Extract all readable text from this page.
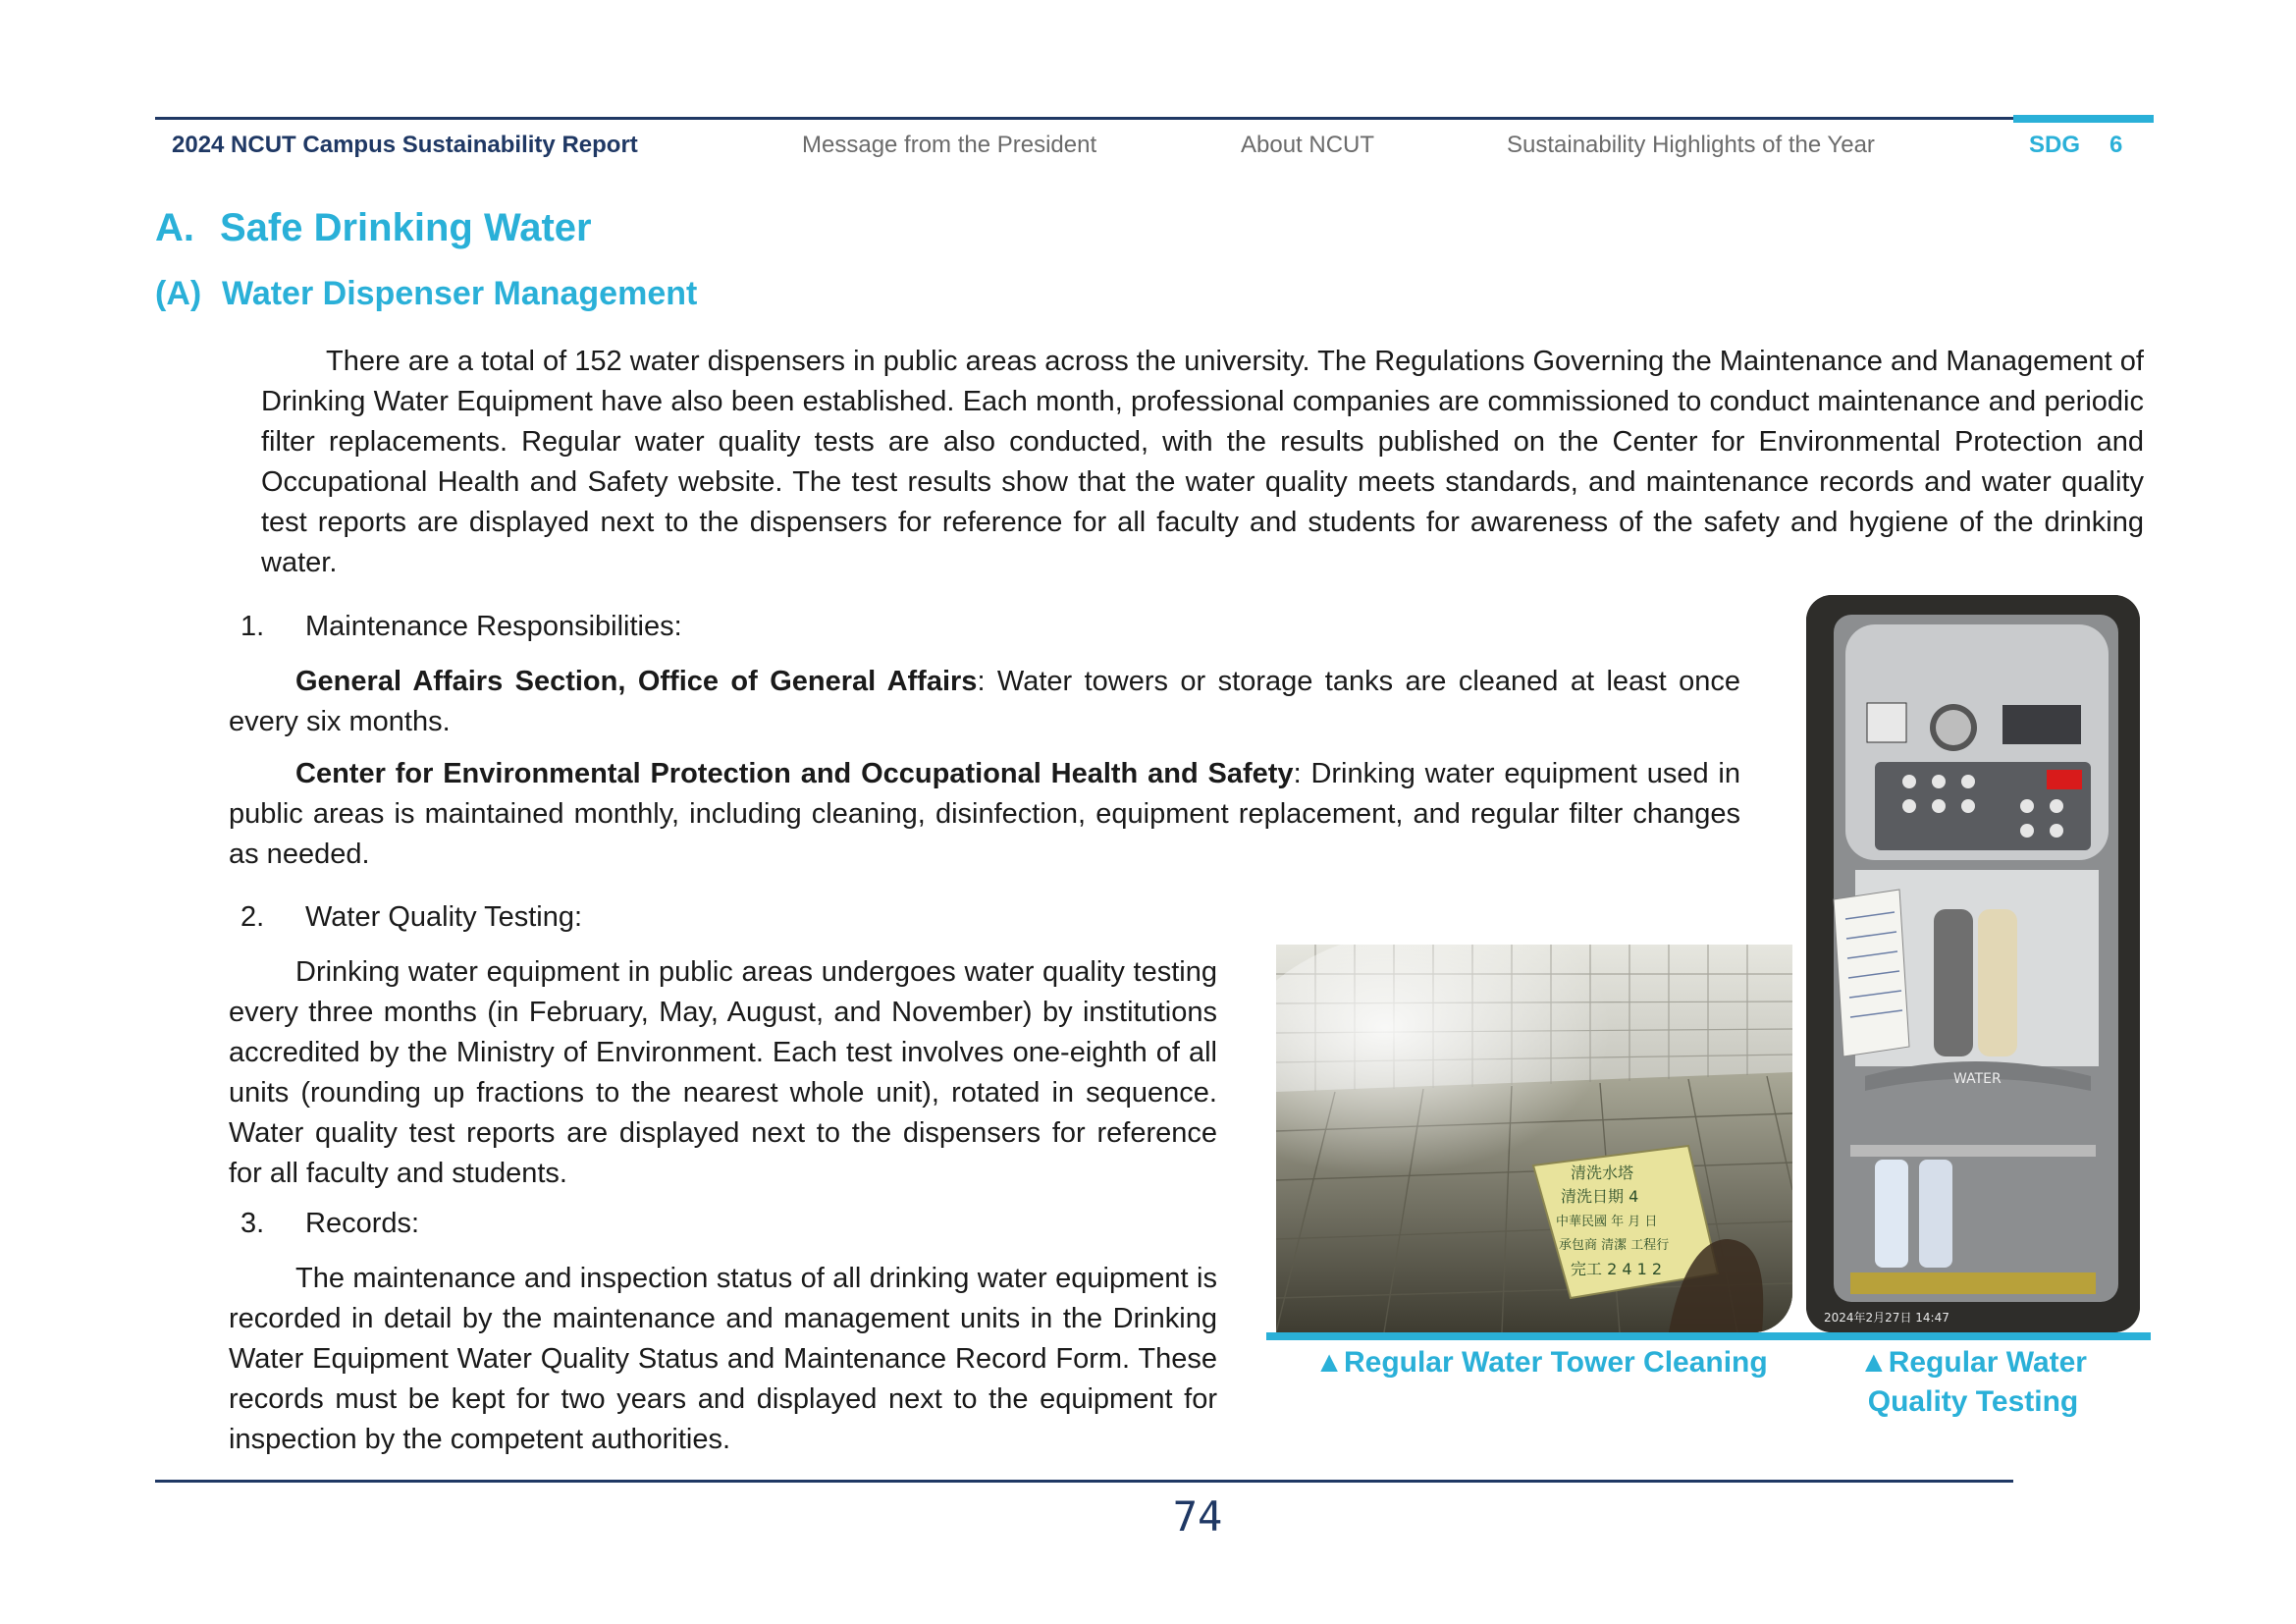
2024 NCUT Campus Sustainability Report	Message from the President	About NCUT	Sustainability Highlights of the Year	SDG 6
A. Safe Drinking Water
(A) Water Dispenser Management
There are a total of 152 water dispensers in public areas across the university. The Regulations Governing the Maintenance and Management of Drinking Water Equipment have also been established. Each month, professional companies are commissioned to conduct maintenance and periodic filter replacements. Regular water quality tests are also conducted, with the results published on the Center for Environmental Protection and Occupational Health and Safety website. The test results show that the water quality meets standards, and maintenance records and water quality test reports are displayed next to the dispensers for reference for all faculty and students for awareness of the safety and hygiene of the drinking water.
1. Maintenance Responsibilities:
General Affairs Section, Office of General Affairs: Water towers or storage tanks are cleaned at least once every six months.
Center for Environmental Protection and Occupational Health and Safety: Drinking water equipment used in public areas is maintained monthly, including cleaning, disinfection, equipment replacement, and regular filter changes as needed.
2. Water Quality Testing:
Drinking water equipment in public areas undergoes water quality testing every three months (in February, May, August, and November) by institutions accredited by the Ministry of Environment. Each test involves one-eighth of all units (rounding up fractions to the nearest whole unit), rotated in sequence. Water quality test reports are displayed next to the dispensers for reference for all faculty and students.
3. Records:
The maintenance and inspection status of all drinking water equipment is recorded in detail by the maintenance and management units in the Drinking Water Equipment Water Quality Status and Maintenance Record Form. These records must be kept for two years and displayed next to the equipment for inspection by the competent authorities.
清洗水塔
清洗日期 4
中華民國 年 月 日
承包商 清潔 工程行
完工 2 4 1 2
WATER
2024年2月27日 14:47
▲Regular Water Tower Cleaning	▲Regular Water
Quality Testing
74
